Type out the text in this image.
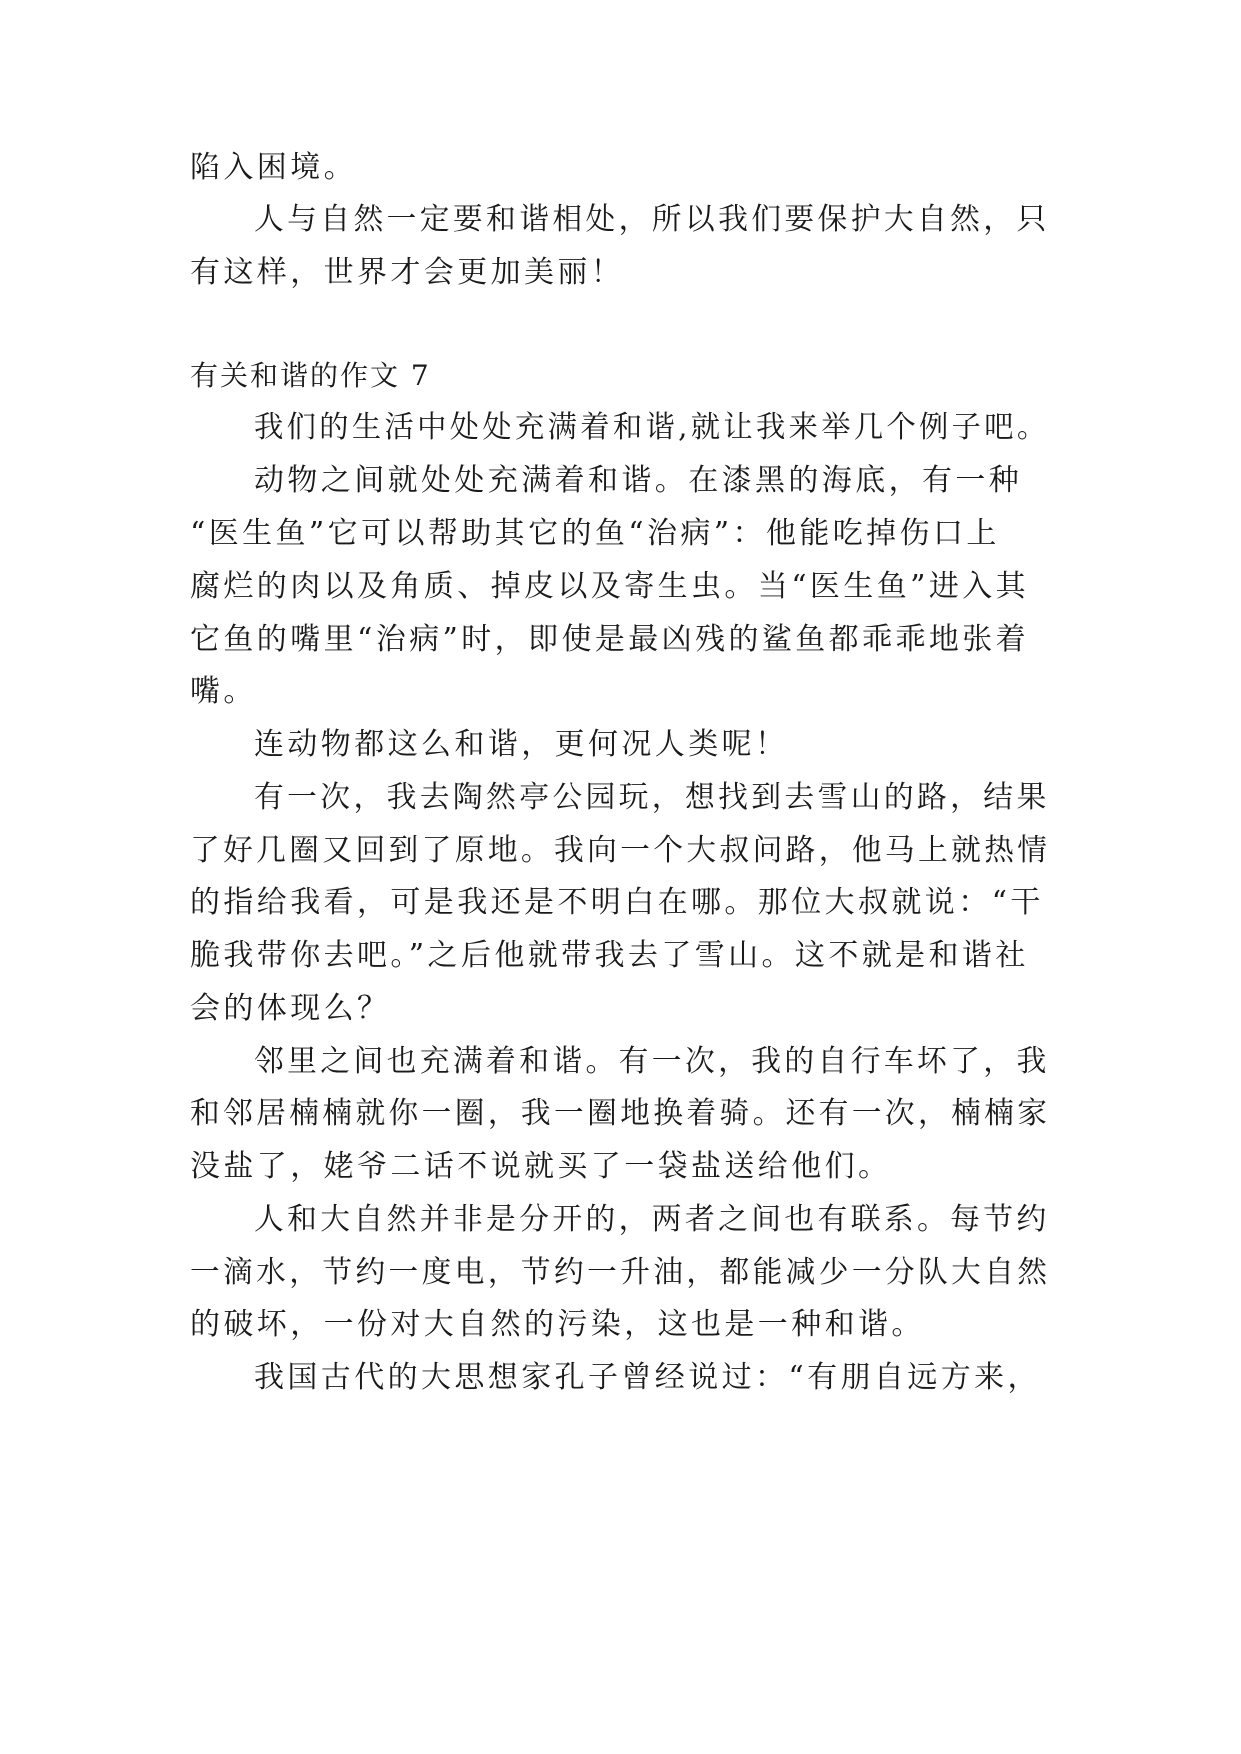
陷入困境。
人与自然一定要和谐相处，所以我们要保护大自然，只
有这样，世界才会更加美丽！
有关和谐的作文 7
我们的生活中处处充满着和谐,就让我来举几个例子吧。
动物之间就处处充满着和谐。在漆黑的海底，有一种
“医生鱼”它可以帮助其它的鱼“治病”：他能吃掉伤口上
腐烂的肉以及角质、掉皮以及寄生虫。当“医生鱼”进入其
它鱼的嘴里“治病”时，即使是最凶残的鲨鱼都乖乖地张着
嘴。
连动物都这么和谐，更何况人类呢！
有一次，我去陶然亭公园玩，想找到去雪山的路，结果
了好几圈又回到了原地。我向一个大叔问路，他马上就热情
的指给我看，可是我还是不明白在哪。那位大叔就说：“干
脆我带你去吧。”之后他就带我去了雪山。这不就是和谐社
会的体现么？
邻里之间也充满着和谐。有一次，我的自行车坏了，我
和邻居楠楠就你一圈，我一圈地换着骑。还有一次，楠楠家
没盐了，姥爷二话不说就买了一袋盐送给他们。
人和大自然并非是分开的，两者之间也有联系。每节约
一滴水，节约一度电，节约一升油，都能减少一分队大自然
的破坏，一份对大自然的污染，这也是一种和谐。
我国古代的大思想家孔子曾经说过：“有朋自远方来，
